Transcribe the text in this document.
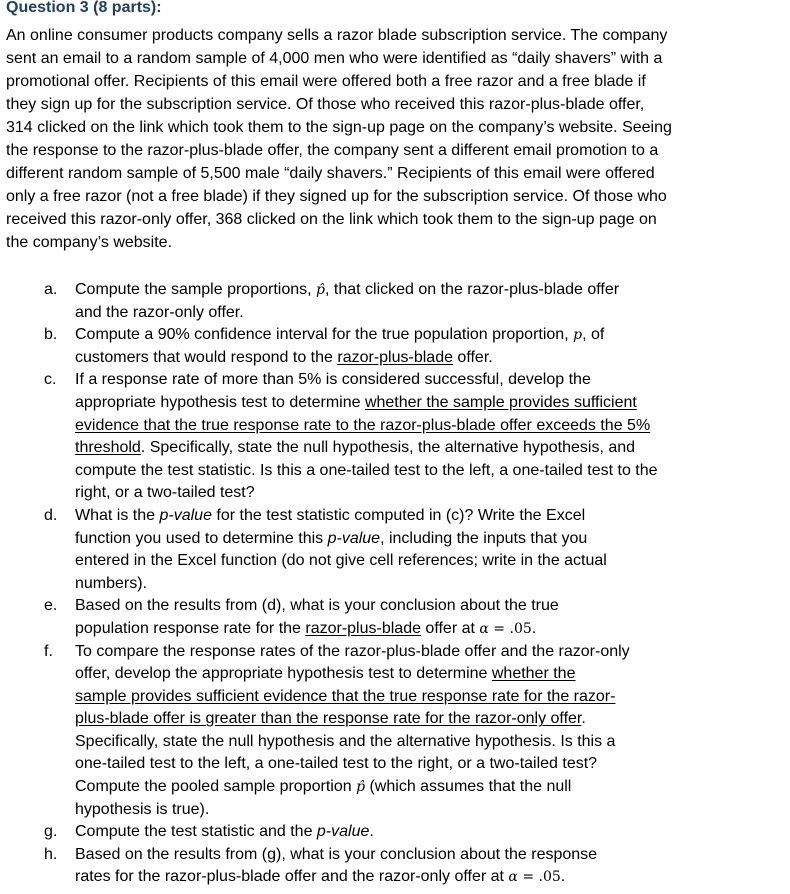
Question 3 (8 parts):
An online consumer products company sells a razor blade subscription service. The company
sent an email to a random sample of 4,000 men who were identified as “daily shavers” with a
promotional offer. Recipients of this email were offered both a free razor and a free blade if
they sign up for the subscription service. Of those who received this razor-plus-blade offer,
314 clicked on the link which took them to the sign-up page on the company’s website. Seeing
the response to the razor-plus-blade offer, the company sent a different email promotion to a
different random sample of 5,500 male “daily shavers.” Recipients of this email were offered
only a free razor (not a free blade) if they signed up for the subscription service. Of those who
received this razor-only offer, 368 clicked on the link which took them to the sign-up page on
the company’s website.
a. Compute the sample proportions, p̂, that clicked on the razor-plus-blade offer
and the razor-only offer.
b. Compute a 90% confidence interval for the true population proportion, p, of
customers that would respond to the razor-plus-blade offer.
c. If a response rate of more than 5% is considered successful, develop the
appropriate hypothesis test to determine whether the sample provides sufficient
evidence that the true response rate to the razor-plus-blade offer exceeds the 5%
threshold. Specifically, state the null hypothesis, the alternative hypothesis, and
compute the test statistic. Is this a one-tailed test to the left, a one-tailed test to the
right, or a two-tailed test?
d. What is the p-value for the test statistic computed in (c)? Write the Excel
function you used to determine this p-value, including the inputs that you
entered in the Excel function (do not give cell references; write in the actual
numbers).
e. Based on the results from (d), what is your conclusion about the true
population response rate for the razor-plus-blade offer at α = .05.
f. To compare the response rates of the razor-plus-blade offer and the razor-only
offer, develop the appropriate hypothesis test to determine whether the
sample provides sufficient evidence that the true response rate for the razor-
plus-blade offer is greater than the response rate for the razor-only offer.
Specifically, state the null hypothesis and the alternative hypothesis. Is this a
one-tailed test to the left, a one-tailed test to the right, or a two-tailed test?
Compute the pooled sample proportion p̂ (which assumes that the null
hypothesis is true).
g. Compute the test statistic and the p-value.
h. Based on the results from (g), what is your conclusion about the response
rates for the razor-plus-blade offer and the razor-only offer at α = .05.
